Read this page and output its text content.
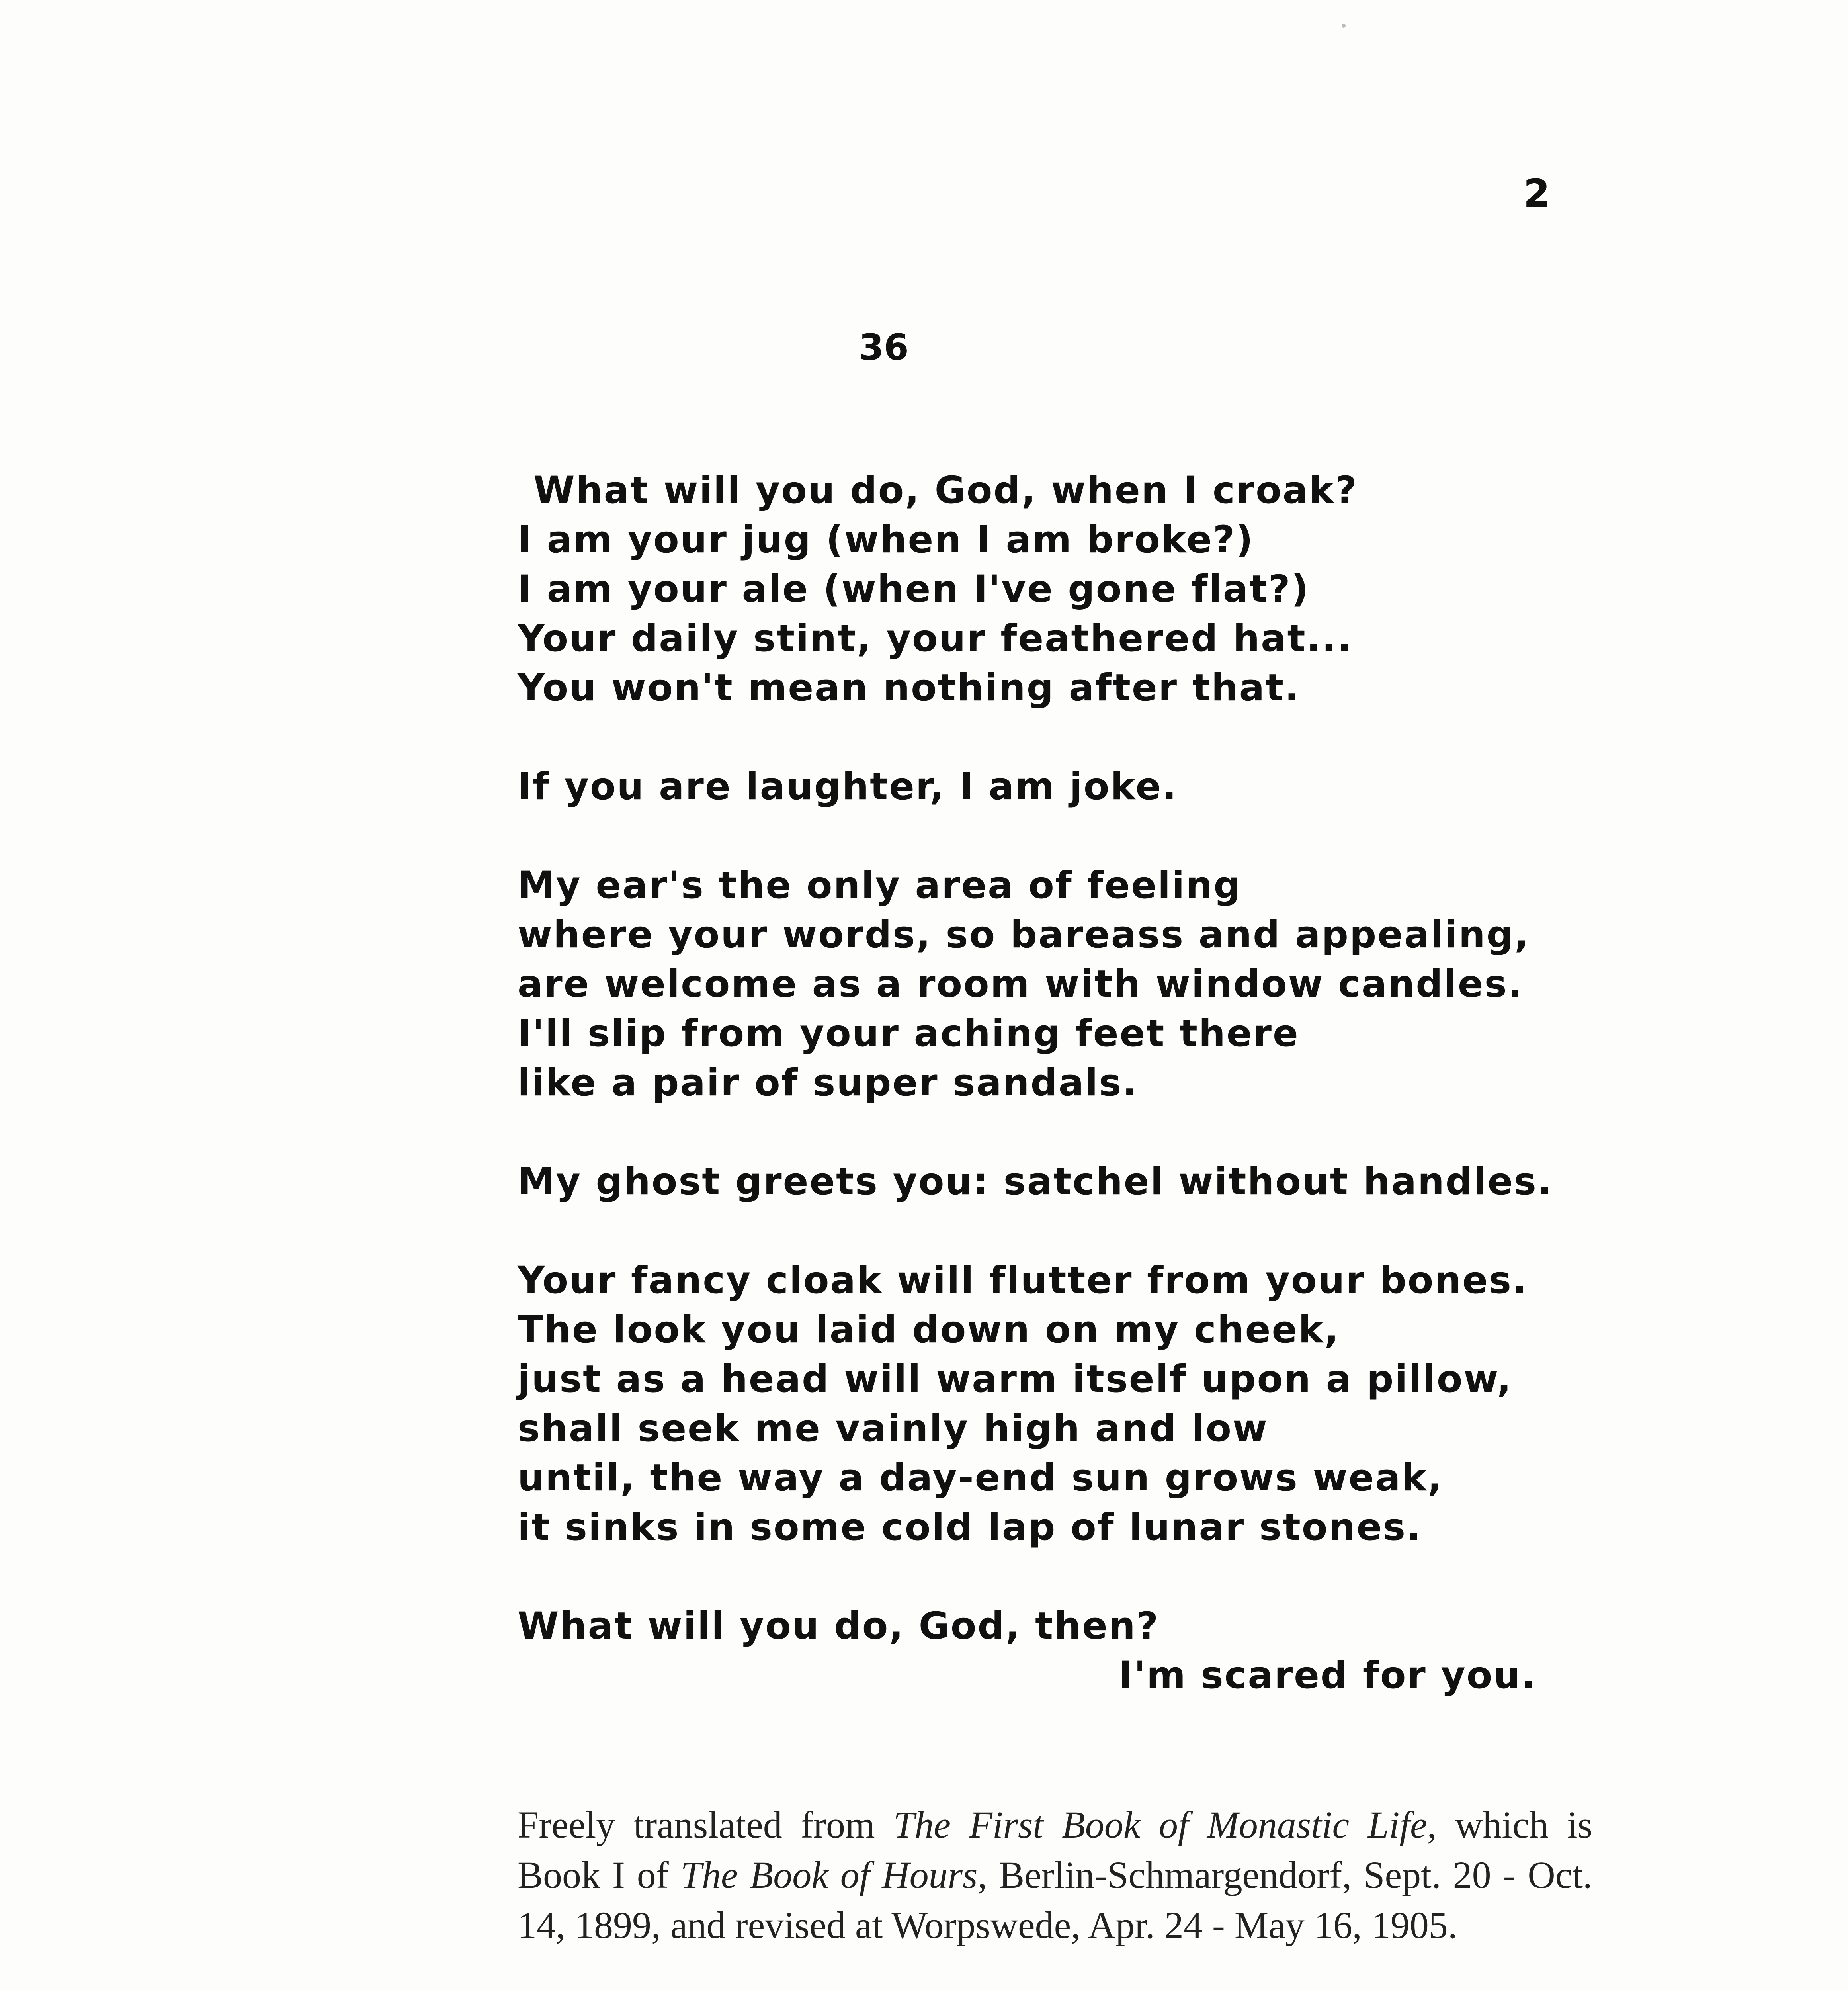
2
36
What will you do, God, when I croak?
I am your jug (when I am broke?)
I am your ale (when I've gone flat?)
Your daily stint, your feathered hat...
You won't mean nothing after that.
If you are laughter, I am joke.
My ear's the only area of feeling
where your words, so bareass and appealing,
are welcome as a room with window candles.
I'll slip from your aching feet there
like a pair of super sandals.
My ghost greets you: satchel without handles.
Your fancy cloak will flutter from your bones.
The look you laid down on my cheek,
just as a head will warm itself upon a pillow,
shall seek me vainly high and low
until, the way a day-end sun grows weak,
it sinks in some cold lap of lunar stones.
What will you do, God, then?
I'm scared for you.
Freely translated from The First Book of Monastic Life, which is Book I of The Book of Hours, Berlin-Schmargendorf, Sept. 20 - Oct. 14, 1899, and revised at Worpswede, Apr. 24 - May 16, 1905.
